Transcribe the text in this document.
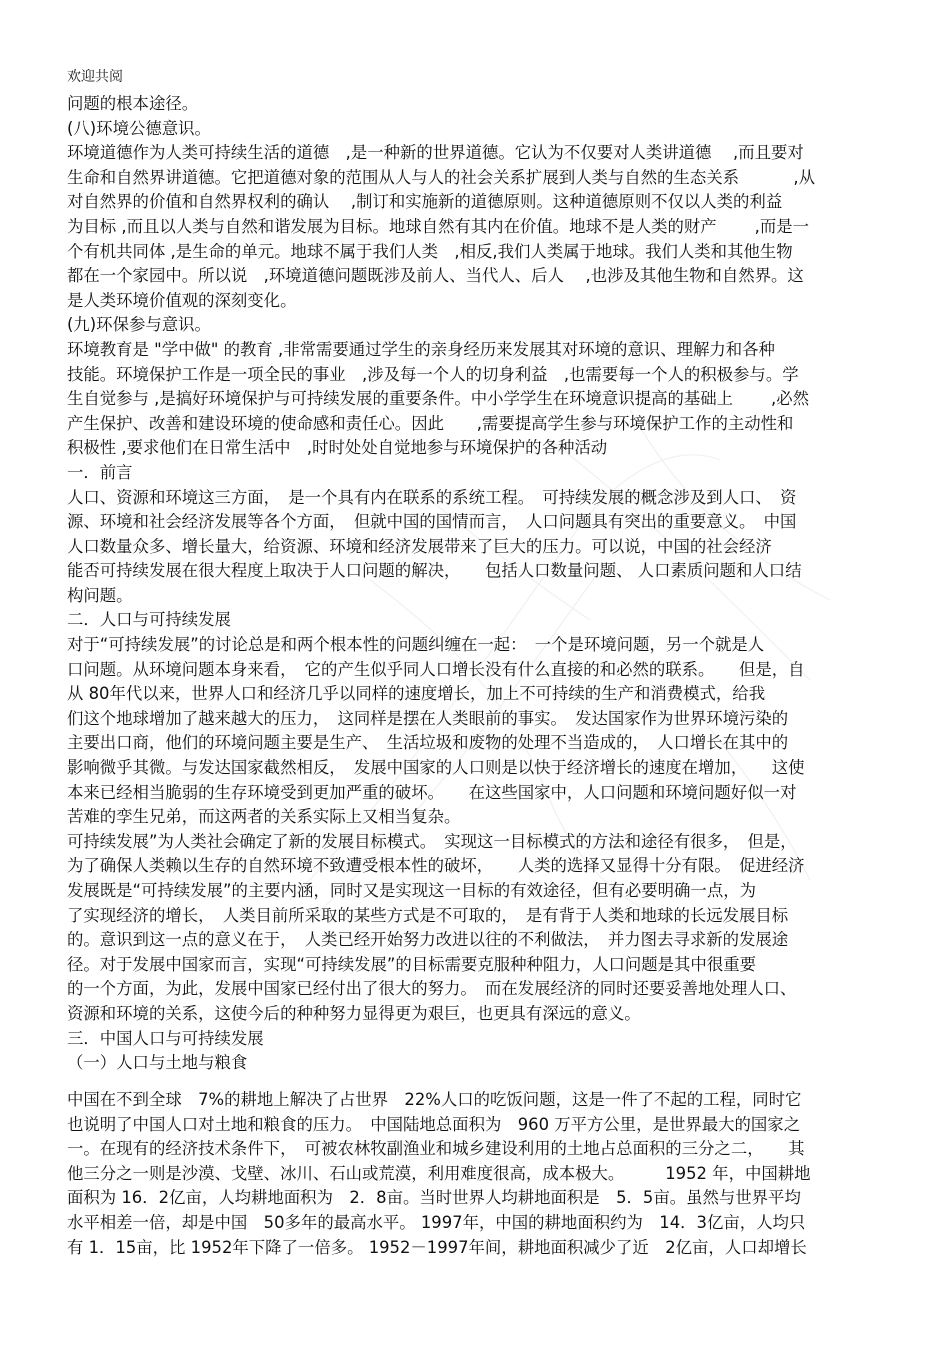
欢迎共阅
问题的根本途径。
(八)环境公德意识。
环境道德作为人类可持续生活的道德　,是一种新的世界道德。它认为不仅要对人类讲道德　 ,而且要对
生命和自然界讲道德。它把道德对象的范围从人与人的社会关系扩展到人类与自然的生态关系　　　 ,从
对自然界的价值和自然界权利的确认　 ,制订和实施新的道德原则。这种道德原则不仅以人类的利益
为目标 ,而且以人类与自然和谐发展为目标。地球自然有其内在价值。地球不是人类的财产　　 ,而是一
个有机共同体 ,是生命的单元。地球不属于我们人类　,相反,我们人类属于地球。我们人类和其他生物
都在一个家园中。所以说　,环境道德问题既涉及前人、当代人、后人　 ,也涉及其他生物和自然界。这
是人类环境价值观的深刻变化。
(九)环保参与意识。
环境教育是 "学中做" 的教育 ,非常需要通过学生的亲身经历来发展其对环境的意识、理解力和各种
技能。环境保护工作是一项全民的事业　,涉及每一个人的切身利益　,也需要每一个人的积极参与。学
生自觉参与 ,是搞好环境保护与可持续发展的重要条件。中小学学生在环境意识提高的基础上　　 ,必然
产生保护、改善和建设环境的使命感和责任心。因此　　,需要提高学生参与环境保护工作的主动性和
积极性 ,要求他们在日常生活中　,时时处处自觉地参与环境保护的各种活动
一．前言
人口、资源和环境这三方面，　是一个具有内在联系的系统工程。　可持续发展的概念涉及到人口、　资
源、环境和社会经济发展等各个方面，　但就中国的国情而言，　人口问题具有突出的重要意义。　中国
人口数量众多、增长量大，给资源、环境和经济发展带来了巨大的压力。可以说，中国的社会经济
能否可持续发展在很大程度上取决于人口问题的解决，　　包括人口数量问题、 人口素质问题和人口结
构问题。
二．人口与可持续发展
对于“可持续发展”的讨论总是和两个根本性的问题纠缠在一起：　一个是环境问题，另一个就是人
口问题。从环境问题本身来看，　它的产生似乎同人口增长没有什么直接的和必然的联系。　　但是，自
从 80年代以来，世界人口和经济几乎以同样的速度增长，加上不可持续的生产和消费模式，给我
们这个地球增加了越来越大的压力，　这同样是摆在人类眼前的事实。　发达国家作为世界环境污染的
主要出口商，他们的环境问题主要是生产、　生活垃圾和废物的处理不当造成的，　人口增长在其中的
影响微乎其微。与发达国家截然相反，　发展中国家的人口则是以快于经济增长的速度在增加，　　这使
本来已经相当脆弱的生存环境受到更加严重的破坏。　　在这些国家中，人口问题和环境问题好似一对
苦难的孪生兄弟，而这两者的关系实际上又相当复杂。
可持续发展”为人类社会确定了新的发展目标模式。　实现这一目标模式的方法和途径有很多，　但是，
为了确保人类赖以生存的自然环境不致遭受根本性的破坏，　　人类的选择又显得十分有限。　促进经济
发展既是“可持续发展”的主要内涵，同时又是实现这一目标的有效途径，但有必要明确一点，为
了实现经济的增长，　人类目前所采取的某些方式是不可取的，　是有背于人类和地球的长远发展目标
的。意识到这一点的意义在于，　人类已经开始努力改进以往的不利做法，　并力图去寻求新的发展途
径。对于发展中国家而言，实现“可持续发展”的目标需要克服种种阻力，人口问题是其中很重要
的一个方面，为此，发展中国家已经付出了很大的努力。　而在发展经济的同时还要妥善地处理人口、
资源和环境的关系，这使今后的种种努力显得更为艰巨，也更具有深远的意义。
三．中国人口与可持续发展
（一）人口与土地与粮食
中国在不到全球　7%的耕地上解决了占世界　22%人口的吃饭问题，这是一件了不起的工程，同时它
也说明了中国人口对土地和粮食的压力。　中国陆地总面积为　960 万平方公里，是世界最大的国家之
一。在现有的经济技术条件下，　可被农林牧副渔业和城乡建设利用的土地占总面积的三分之二，　　其
他三分之一则是沙漠、戈壁、冰川、石山或荒漠，利用难度很高，成本极大。　　　1952 年，中国耕地
面积为 16．2亿亩，人均耕地面积为　2．8亩。当时世界人均耕地面积是　5．5亩。虽然与世界平均
水平相差一倍，却是中国　50多年的最高水平。 1997年，中国的耕地面积约为　14．3亿亩，人均只
有 1．15亩，比 1952年下降了一倍多。 1952－1997年间，耕地面积减少了近　2亿亩，人口却增长
